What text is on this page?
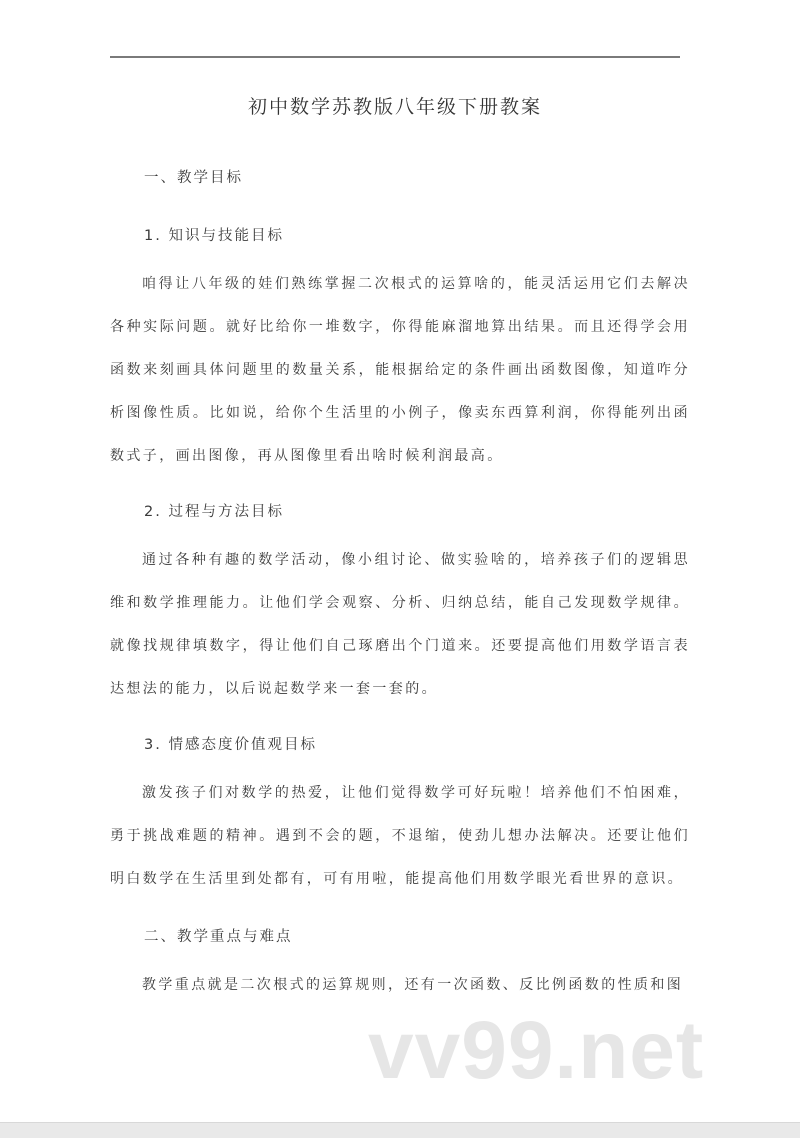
初中数学苏教版八年级下册教案
一、教学目标
1. 知识与技能目标
咱得让八年级的娃们熟练掌握二次根式的运算啥的，能灵活运用它们去解决各种实际问题。就好比给你一堆数字，你得能麻溜地算出结果。而且还得学会用函数来刻画具体问题里的数量关系，能根据给定的条件画出函数图像，知道咋分析图像性质。比如说，给你个生活里的小例子，像卖东西算利润，你得能列出函数式子，画出图像，再从图像里看出啥时候利润最高。
2. 过程与方法目标
通过各种有趣的数学活动，像小组讨论、做实验啥的，培养孩子们的逻辑思维和数学推理能力。让他们学会观察、分析、归纳总结，能自己发现数学规律。就像找规律填数字，得让他们自己琢磨出个门道来。还要提高他们用数学语言表达想法的能力，以后说起数学来一套一套的。
3. 情感态度价值观目标
激发孩子们对数学的热爱，让他们觉得数学可好玩啦！培养他们不怕困难，勇于挑战难题的精神。遇到不会的题，不退缩，使劲儿想办法解决。还要让他们明白数学在生活里到处都有，可有用啦，能提高他们用数学眼光看世界的意识。
二、教学重点与难点
教学重点就是二次根式的运算规则，还有一次函数、反比例函数的性质和图
vv99.net
